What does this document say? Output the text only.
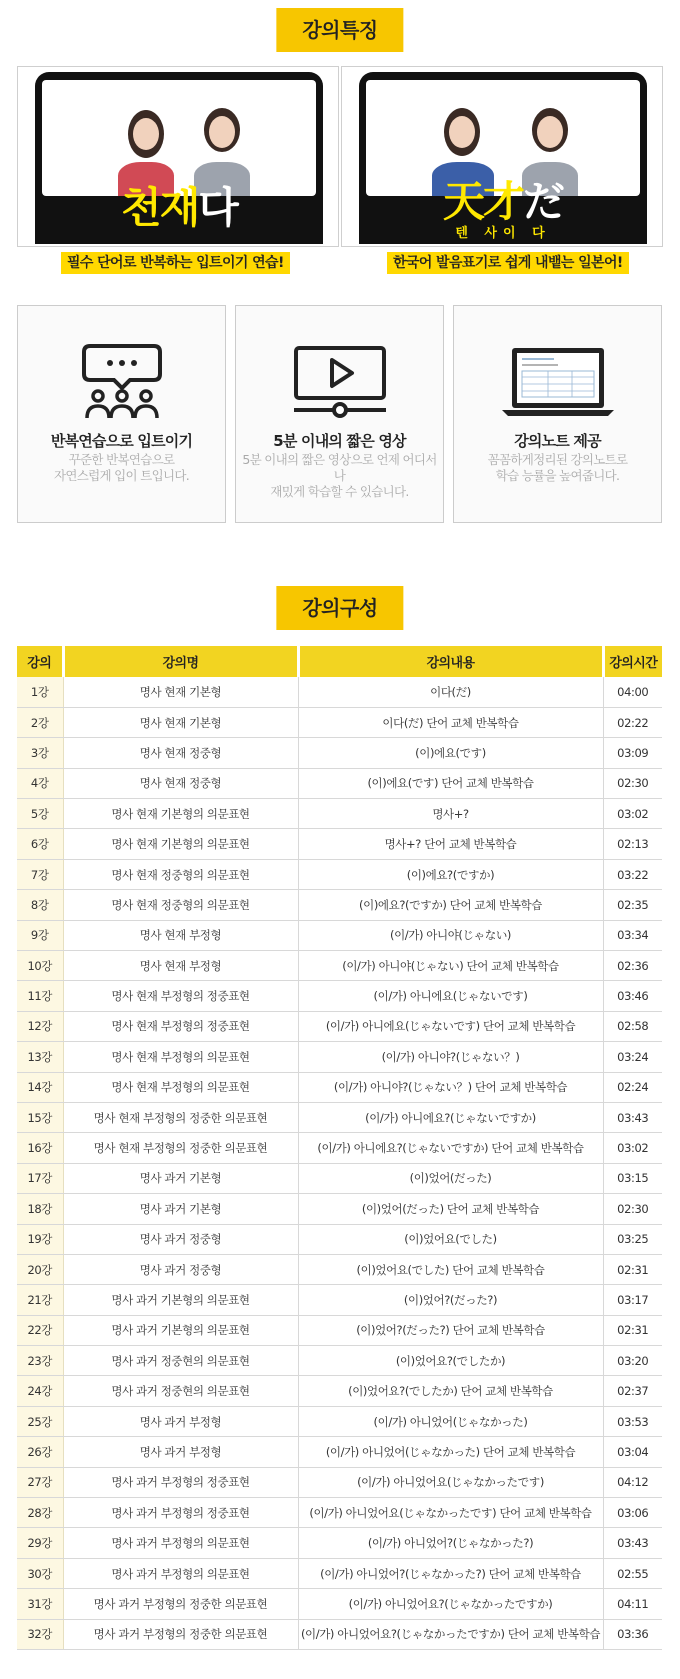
강의특징
천재다
필수 단어로 반복하는 입트이기 연습!
天才だ
텐 사이 다
한국어 발음표기로 쉽게 내뱉는 일본어!
반복연습으로 입트이기
꾸준한 반복연습으로
자연스럽게 입이 트입니다.
5분 이내의 짧은 영상
5분 이내의 짧은 영상으로 언제 어디서나
재밌게 학습할 수 있습니다.
강의노트 제공
꼼꼼하게정리된 강의노트로
학습 능률을 높여줍니다.
강의구성
강의	강의명	강의내용	강의시간
1강	명사 현재 기본형	이다(だ)	04:00
2강	명사 현재 기본형	이다(だ) 단어 교체 반복학습	02:22
3강	명사 현재 정중형	(이)에요(です)	03:09
4강	명사 현재 정중형	(이)에요(です) 단어 교체 반복학습	02:30
5강	명사 현재 기본형의 의문표현	명사+?	03:02
6강	명사 현재 기본형의 의문표현	명사+? 단어 교체 반복학습	02:13
7강	명사 현재 정중형의 의문표현	(이)에요?(ですか)	03:22
8강	명사 현재 정중형의 의문표현	(이)에요?(ですか) 단어 교체 반복학습	02:35
9강	명사 현재 부정형	(이/가) 아니야(じゃない)	03:34
10강	명사 현재 부정형	(이/가) 아니야(じゃない) 단어 교체 반복학습	02:36
11강	명사 현재 부정형의 정중표현	(이/가) 아니에요(じゃないです)	03:46
12강	명사 현재 부정형의 정중표현	(이/가) 아니에요(じゃないです) 단어 교체 반복학습	02:58
13강	명사 현재 부정형의 의문표현	(이/가) 아니야?(じゃない？)	03:24
14강	명사 현재 부정형의 의문표현	(이/가) 아니야?(じゃない？) 단어 교체 반복학습	02:24
15강	명사 현재 부정형의 정중한 의문표현	(이/가) 아니에요?(じゃないですか)	03:43
16강	명사 현재 부정형의 정중한 의문표현	(이/가) 아니에요?(じゃないですか) 단어 교체 반복학습	03:02
17강	명사 과거 기본형	(이)었어(だった)	03:15
18강	명사 과거 기본형	(이)었어(だった) 단어 교체 반복학습	02:30
19강	명사 과거 정중형	(이)었어요(でした)	03:25
20강	명사 과거 정중형	(이)었어요(でした) 단어 교체 반복학습	02:31
21강	명사 과거 기본형의 의문표현	(이)었어?(だった?)	03:17
22강	명사 과거 기본형의 의문표현	(이)었어?(だった?) 단어 교체 반복학습	02:31
23강	명사 과거 정중현의 의문표현	(이)었어요?(でしたか)	03:20
24강	명사 과거 정중현의 의문표현	(이)었어요?(でしたか) 단어 교체 반복학습	02:37
25강	명사 과거 부정형	(이/가) 아니었어(じゃなかった)	03:53
26강	명사 과거 부정형	(이/가) 아니었어(じゃなかった) 단어 교체 반복학습	03:04
27강	명사 과거 부정형의 정중표현	(이/가) 아니었어요(じゃなかったです)	04:12
28강	명사 과거 부정형의 정중표현	(이/가) 아니었어요(じゃなかったです) 단어 교체 반복학습	03:06
29강	명사 과거 부정형의 의문표현	(이/가) 아니었어?(じゃなかった?)	03:43
30강	명사 과거 부정형의 의문표현	(이/가) 아니었어?(じゃなかった?) 단어 교체 반복학습	02:55
31강	명사 과거 부정형의 정중한 의문표현	(이/가) 아니었어요?(じゃなかったですか)	04:11
32강	명사 과거 부정형의 정중한 의문표현	(이/가) 아니었어요?(じゃなかったですか) 단어 교체 반복학습	03:36
